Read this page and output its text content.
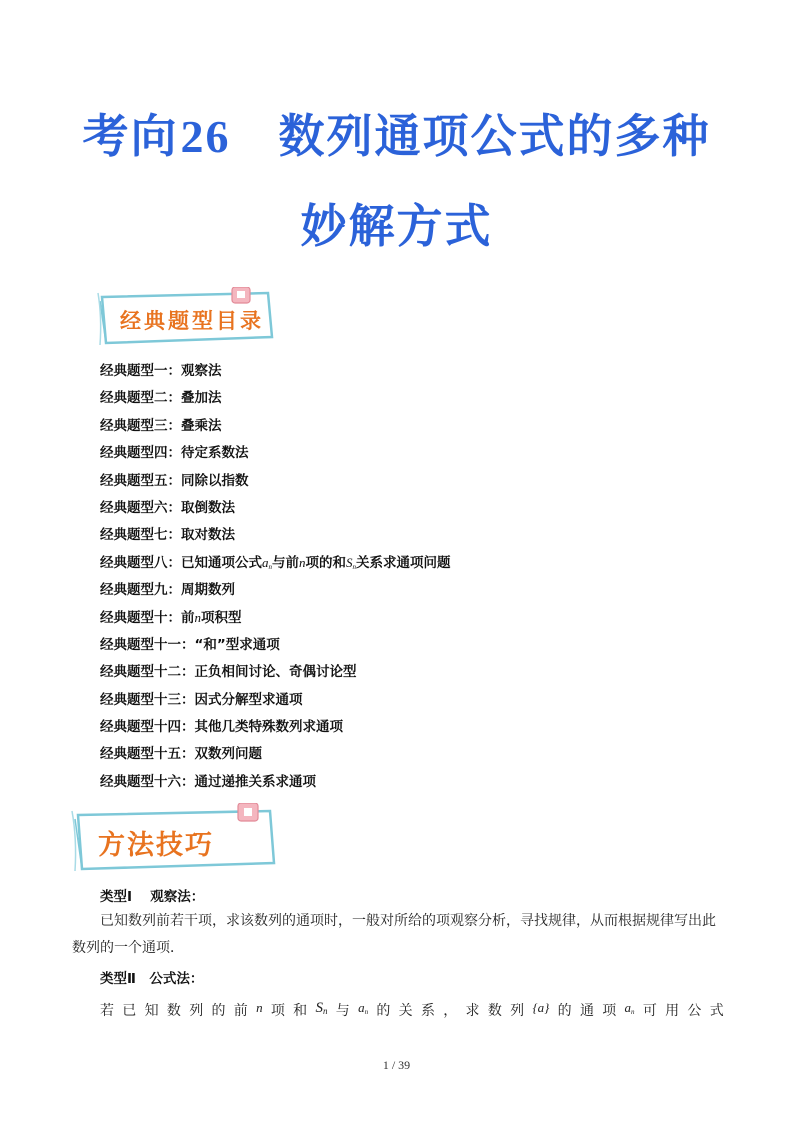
考向26 数列通项公式的多种
妙解方式
经典题型目录
经典题型一：观察法
经典题型二：叠加法
经典题型三：叠乘法
经典题型四：待定系数法
经典题型五：同除以指数
经典题型六：取倒数法
经典题型七：取对数法
经典题型八：已知通项公式$a_n$与前n项的和$S_n$关系求通项问题
经典题型九：周期数列
经典题型十：前n项积型
经典题型十一：“和”型求通项
经典题型十二：正负相间讨论、奇偶讨论型
经典题型十三：因式分解型求通项
经典题型十四：其他几类特殊数列求通项
经典题型十五：双数列问题
经典题型十六：通过递推关系求通项
方法技巧
类型Ⅰ　 观察法：
已知数列前若干项，求该数列的通项时，一般对所给的项观察分析，寻找规律，从而根据规律写出此数列的一个通项．
类型Ⅱ　公式法：
若 已 知 数 列 的 前 n 项 和 $S_n$ 与 $a_n$ 的 关 系 ， 求 数 列 {a} 的 通 项 $a_n$ 可 用 公 式
1 / 39
